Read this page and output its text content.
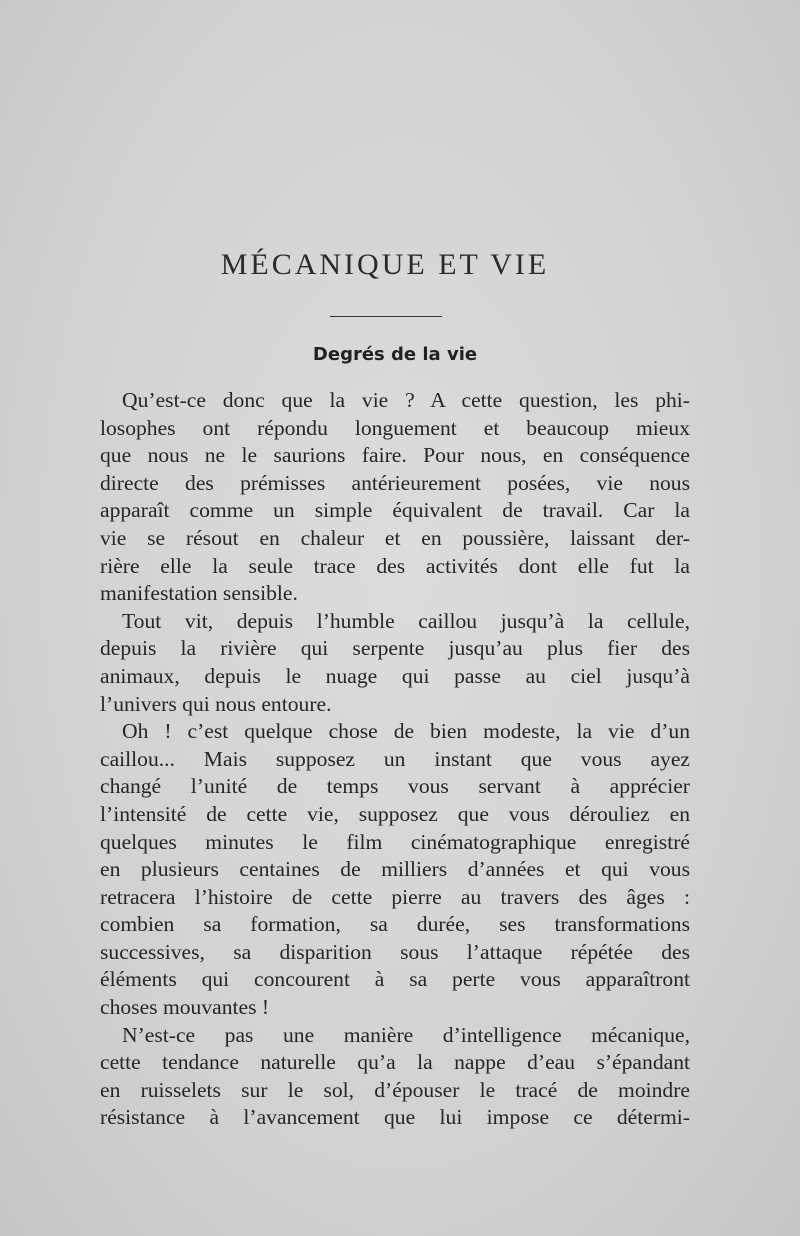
MÉCANIQUE ET VIE
Degrés de la vie

Qu’est-ce donc que la vie ? A cette question, les phi-
losophes ont répondu longuement et beaucoup mieux
que nous ne le saurions faire. Pour nous, en conséquence
directe des prémisses antérieurement posées, vie nous
apparaît comme un simple équivalent de travail. Car la
vie se résout en chaleur et en poussière, laissant der-
rière elle la seule trace des activités dont elle fut la
manifestation sensible.

Tout vit, depuis l’humble caillou jusqu’à la cellule,
depuis la rivière qui serpente jusqu’au plus fier des
animaux, depuis le nuage qui passe au ciel jusqu’à
l’univers qui nous entoure.

Oh ! c’est quelque chose de bien modeste, la vie d’un
caillou... Mais supposez un instant que vous ayez
changé l’unité de temps vous servant à apprécier
l’intensité de cette vie, supposez que vous dérouliez en
quelques minutes le film cinématographique enregistré
en plusieurs centaines de milliers d’années et qui vous
retracera l’histoire de cette pierre au travers des âges :
combien sa formation, sa durée, ses transformations
successives, sa disparition sous l’attaque répétée des
éléments qui concourent à sa perte vous apparaîtront
choses mouvantes !

N’est-ce pas une manière d’intelligence mécanique,
cette tendance naturelle qu’a la nappe d’eau s’épandant
en ruisselets sur le sol, d’épouser le tracé de moindre
résistance à l’avancement que lui impose ce détermi-
